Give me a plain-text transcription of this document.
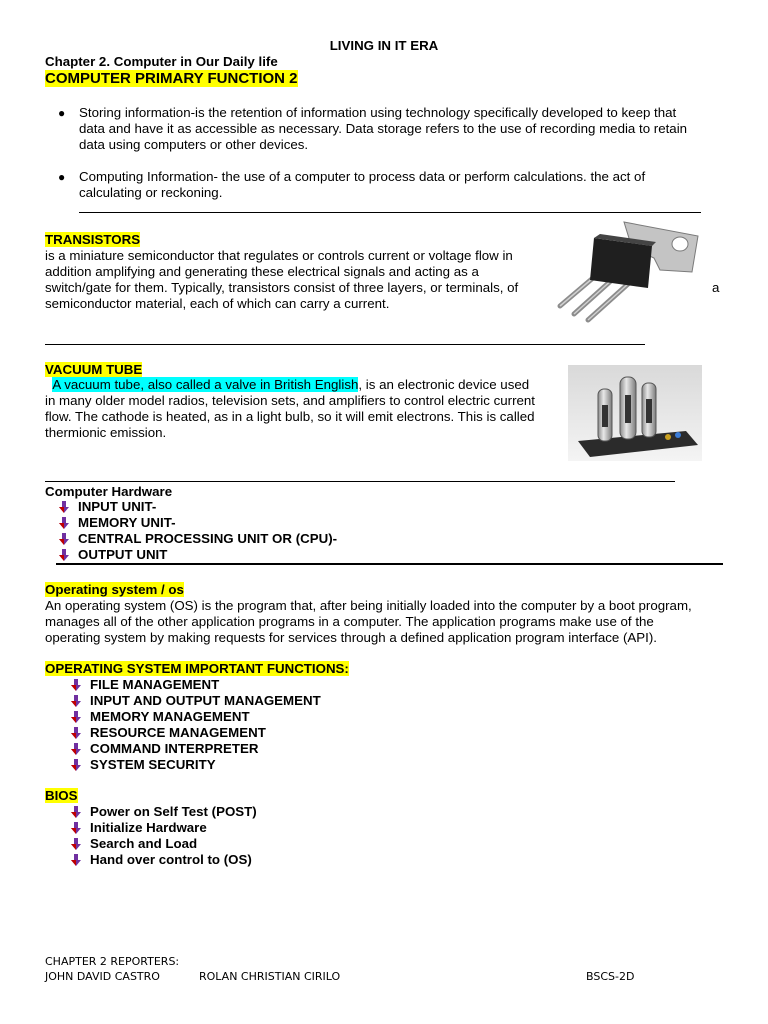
LIVING IN IT ERA
Chapter 2. Computer in Our Daily life
COMPUTER PRIMARY FUNCTION 2
● Storing information-is the retention of information using technology specifically developed to keep that
data and have it as accessible as necessary. Data storage refers to the use of recording media to retain
data using computers or other devices.
● Computing Information- the use of a computer to process data or perform calculations. the act of
calculating or reckoning.
TRANSISTORS
is a miniature semiconductor that regulates or controls current or voltage flow in
addition amplifying and generating these electrical signals and acting as a
switch/gate for them. Typically, transistors consist of three layers, or terminals, of
semiconductor material, each of which can carry a current.
a
VACUUM TUBE
A vacuum tube, also called a valve in British English, is an electronic device used
in many older model radios, television sets, and amplifiers to control electric current
flow. The cathode is heated, as in a light bulb, so it will emit electrons. This is called
thermionic emission.
Computer Hardware
INPUT UNIT-
MEMORY UNIT-
CENTRAL PROCESSING UNIT OR (CPU)-
OUTPUT UNIT
Operating system / os
An operating system (OS) is the program that, after being initially loaded into the computer by a boot program,
manages all of the other application programs in a computer. The application programs make use of the
operating system by making requests for services through a defined application program interface (API).
OPERATING SYSTEM IMPORTANT FUNCTIONS:
FILE MANAGEMENT
INPUT AND OUTPUT MANAGEMENT
MEMORY MANAGEMENT
RESOURCE MANAGEMENT
COMMAND INTERPRETER
SYSTEM SECURITY
BIOS
Power on Self Test (POST)
Initialize Hardware
Search and Load
Hand over control to (OS)
CHAPTER 2 REPORTERS:
JOHN DAVID CASTRO	ROLAN CHRISTIAN CIRILO	BSCS-2D
